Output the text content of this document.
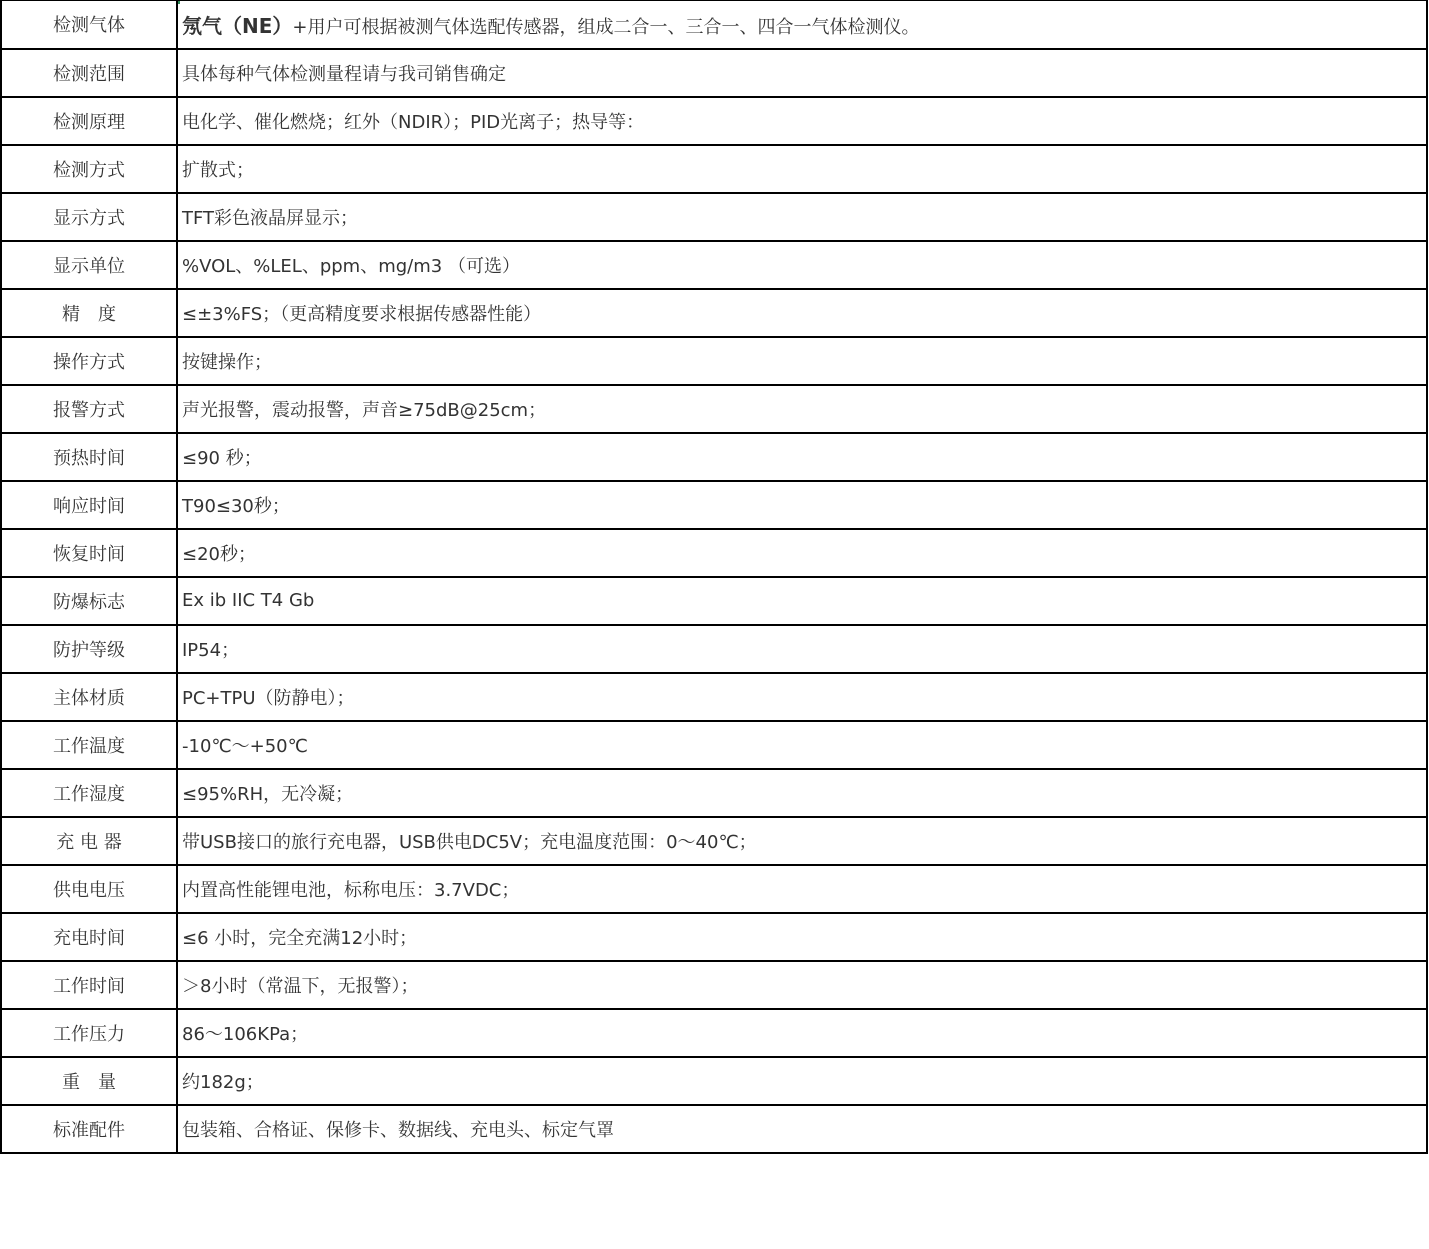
检测气体	氖气（NE）+用户可根据被测气体选配传感器，组成二合一、三合一、四合一气体检测仪。
检测范围	具体每种气体检测量程请与我司销售确定
检测原理	电化学、催化燃烧；红外（NDIR）；PID光离子；热导等：
检测方式	扩散式；
显示方式	TFT彩色液晶屏显示；
显示单位	%VOL、%LEL、ppm、mg/m3 （可选）
精　度	≤±3%FS；（更高精度要求根据传感器性能）
操作方式	按键操作；
报警方式	声光报警，震动报警，声音≥75dB@25cm；
预热时间	≤90 秒；
响应时间	T90≤30秒；
恢复时间	≤20秒；
防爆标志	Ex ib IIC T4 Gb
防护等级	IP54；
主体材质	PC+TPU（防静电）；
工作温度	-10℃～+50℃
工作湿度	≤95%RH，无冷凝；
充 电 器	带USB接口的旅行充电器，USB供电DC5V；充电温度范围：0～40℃；
供电电压	内置高性能锂电池，标称电压：3.7VDC；
充电时间	≤6 小时，完全充满12小时；
工作时间	＞8小时（常温下，无报警）；
工作压力	86～106KPa；
重　量	约182g；
标准配件	包装箱、合格证、保修卡、数据线、充电头、标定气罩
